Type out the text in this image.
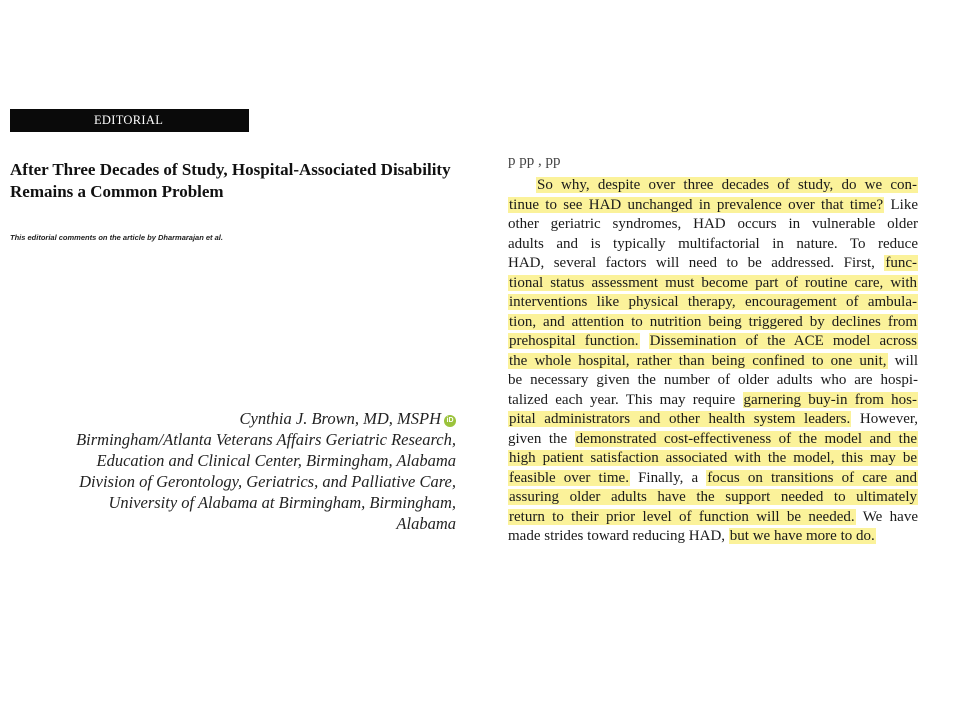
EDITORIAL
After Three Decades of Study, Hospital-Associated Disability
Remains a Common Problem
This editorial comments on the article by Dharmarajan et al.
Cynthia J. Brown, MD, MSPH iD
Birmingham/Atlanta Veterans Affairs Geriatric Research,
Education and Clinical Center, Birmingham, Alabama
Division of Gerontology, Geriatrics, and Palliative Care,
University of Alabama at Birmingham, Birmingham,
Alabama
p pp , pp
So why, despite over three decades of study, do we con-
tinue to see HAD unchanged in prevalence over that time? Like
other geriatric syndromes, HAD occurs in vulnerable older
adults and is typically multifactorial in nature. To reduce
HAD, several factors will need to be addressed. First, func-
tional status assessment must become part of routine care, with
interventions like physical therapy, encouragement of ambula-
tion, and attention to nutrition being triggered by declines from
prehospital function. Dissemination of the ACE model across
the whole hospital, rather than being confined to one unit, will
be necessary given the number of older adults who are hospi-
talized each year. This may require garnering buy-in from hos-
pital administrators and other health system leaders. However,
given the demonstrated cost-effectiveness of the model and the
high patient satisfaction associated with the model, this may be
feasible over time. Finally, a focus on transitions of care and
assuring older adults have the support needed to ultimately
return to their prior level of function will be needed. We have
made strides toward reducing HAD, but we have more to do.
